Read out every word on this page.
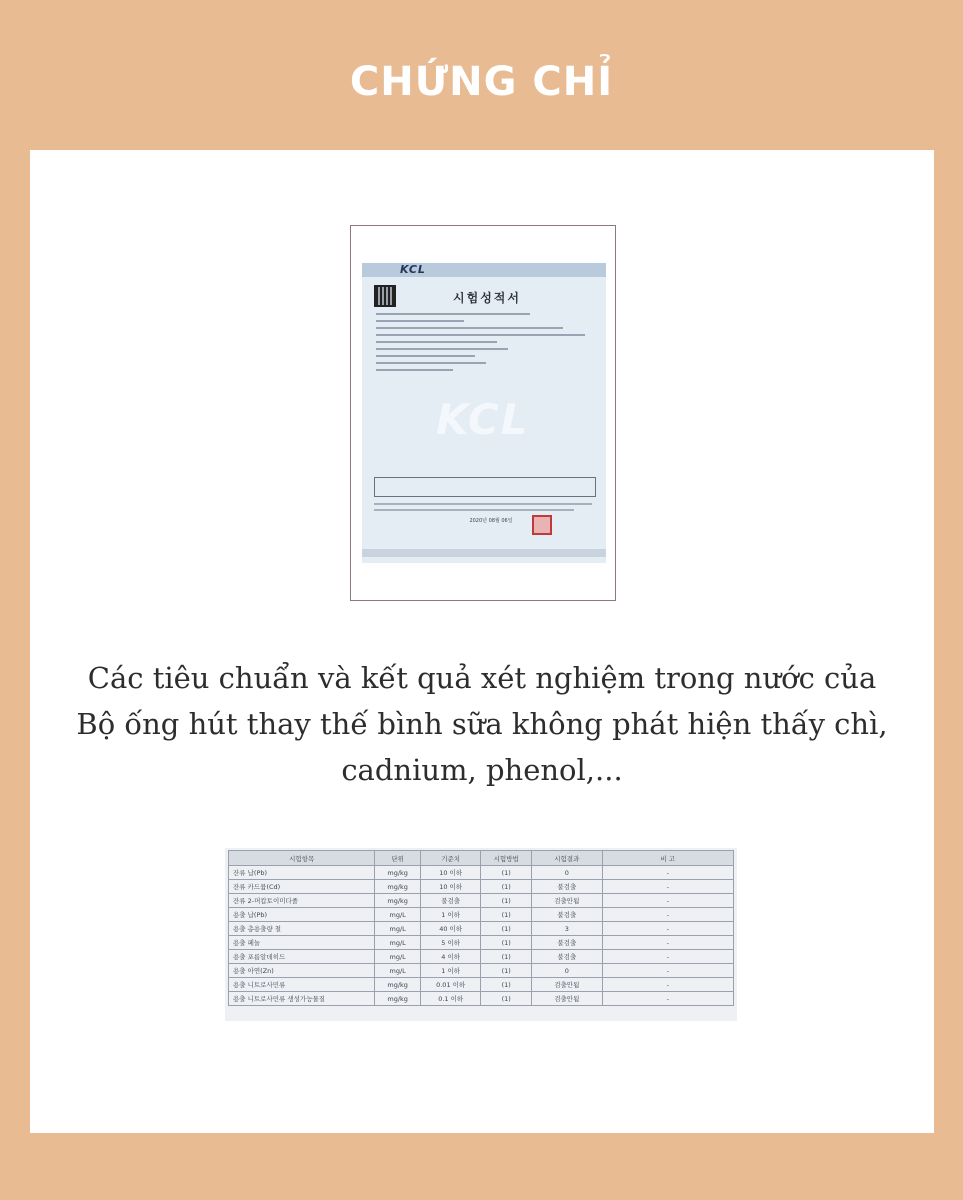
CHỨNG CHỈ
KCL
시험성적서
KCL
2020년 08월 06일
Các tiêu chuẩn và kết quả xét nghiệm trong nước của
Bộ ống hút thay thế bình sữa không phát hiện thấy chì,
cadnium, phenol,...
시험항목	단위	기준치	시험방법	시험결과	비 고
잔류 납(Pb)	mg/kg	10 이하	(1)	0	-
잔류 카드뮴(Cd)	mg/kg	10 이하	(1)	불검출	-
잔류 2-머캅토이미다졸	mg/kg	불검출	(1)	검출안됨	-
용출 납(Pb)	mg/L	1 이하	(1)	불검출	-
용출 총용출량 철	mg/L	40 이하	(1)	3	-
용출 페놀	mg/L	5 이하	(1)	불검출	-
용출 포름알데히드	mg/L	4 이하	(1)	불검출	-
용출 아연(Zn)	mg/L	1 이하	(1)	0	-
용출 니트로사민류	mg/kg	0.01 이하	(1)	검출안됨	-
용출 니트로사민류 생성가능물질	mg/kg	0.1 이하	(1)	검출안됨	-
